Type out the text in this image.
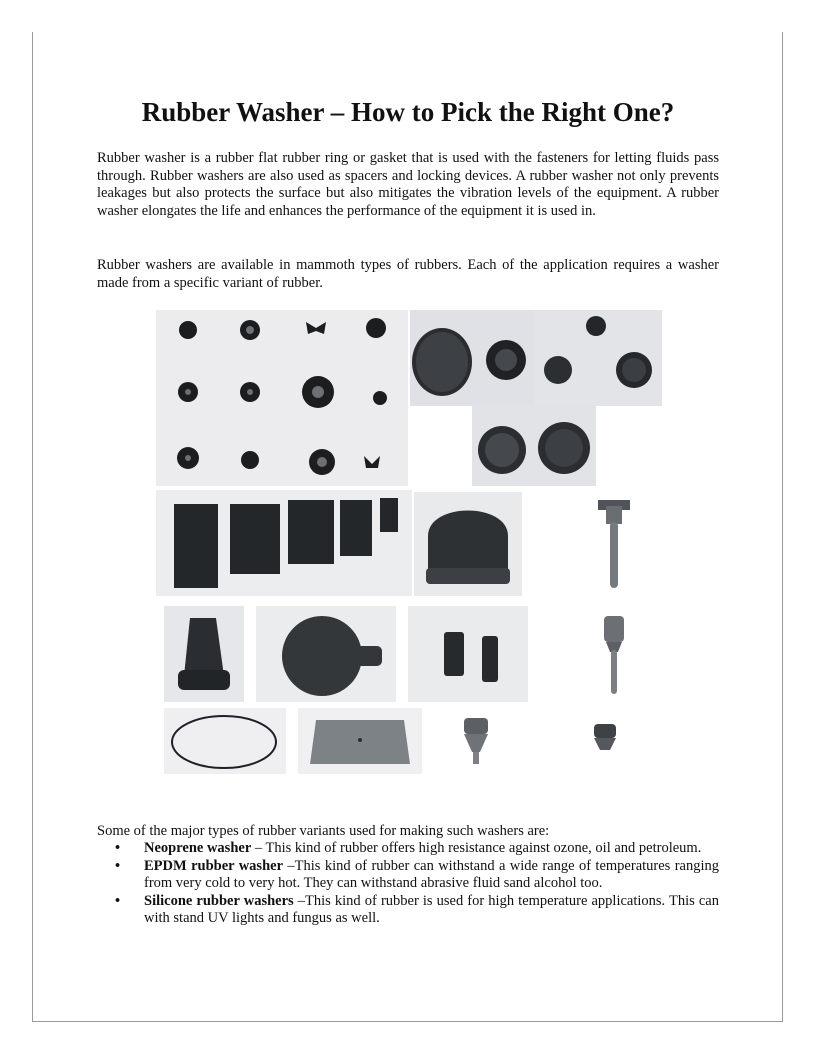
Rubber Washer – How to Pick the Right One?

Rubber washer is a rubber flat rubber ring or gasket that is used with the fasteners for letting fluids pass through. Rubber washers are also used as spacers and locking devices. A rubber washer not only prevents leakages but also protects the surface but also mitigates the vibration levels of the equipment. A rubber washer elongates the life and enhances the performance of the equipment it is used in.

Rubber washers are available in mammoth types of rubbers. Each of the application requires a washer made from a specific variant of rubber.

Some of the major types of rubber variants used for making such washers are:

• Neoprene washer – This kind of rubber offers high resistance against ozone, oil and petroleum.
• EPDM rubber washer –This kind of rubber can withstand a wide range of temperatures ranging from very cold to very hot. They can withstand abrasive fluid sand alcohol too.
• Silicone rubber washers –This kind of rubber is used for high temperature applications. This can with stand UV lights and fungus as well.
